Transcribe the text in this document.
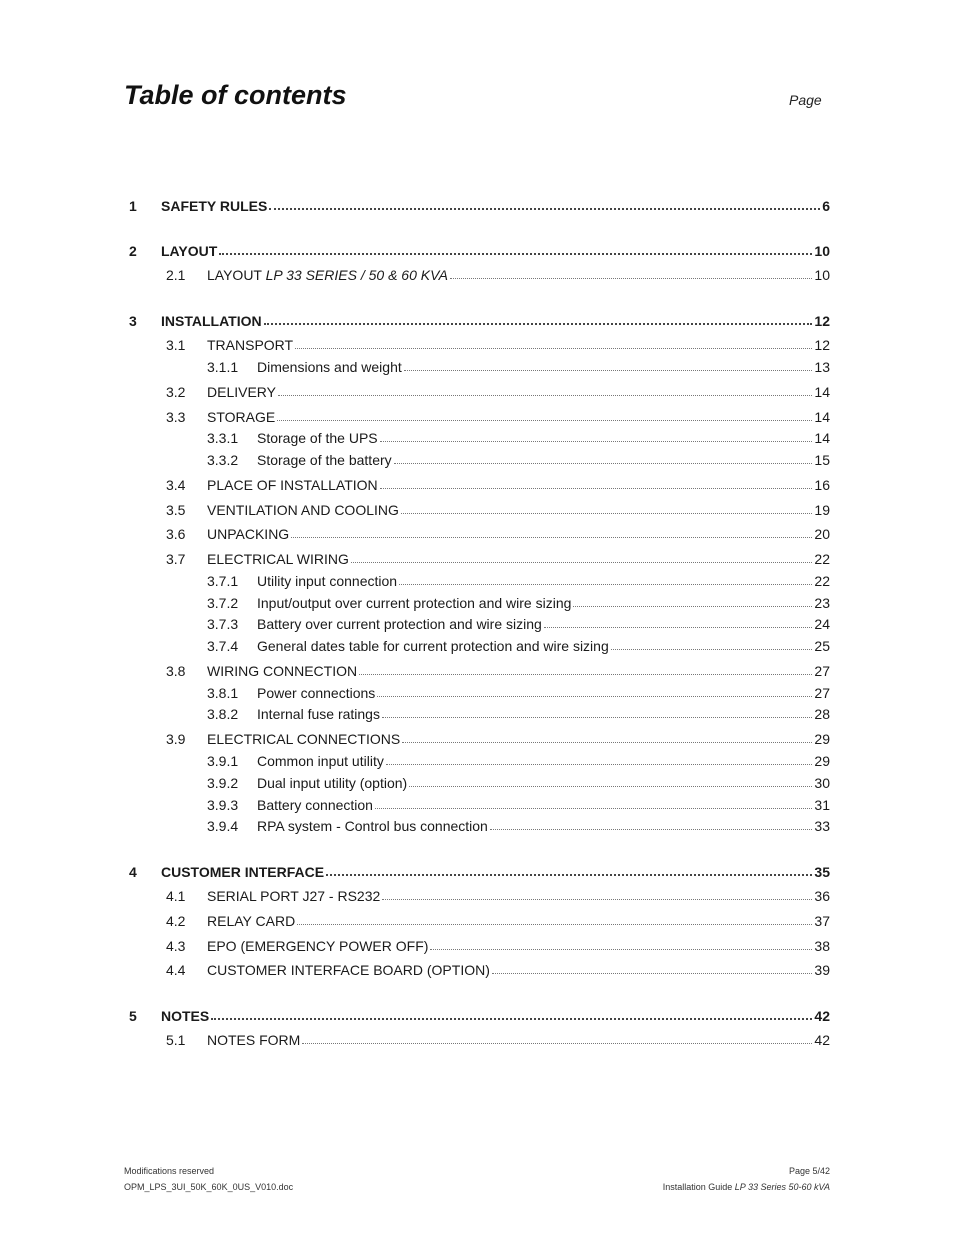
Table of contents	Page
1 SAFETY RULES	6
2 LAYOUT	10
2.1 LAYOUT LP 33 SERIES / 50 & 60 KVA	10
3 INSTALLATION	12
3.1 TRANSPORT	12
3.1.1 Dimensions and weight	13
3.2 DELIVERY	14
3.3 STORAGE	14
3.3.1 Storage of the UPS	14
3.3.2 Storage of the battery	15
3.4 PLACE OF INSTALLATION	16
3.5 VENTILATION AND COOLING	19
3.6 UNPACKING	20
3.7 ELECTRICAL WIRING	22
3.7.1 Utility input connection	22
3.7.2 Input/output over current protection and wire sizing	23
3.7.3 Battery over current protection and wire sizing	24
3.7.4 General dates table for current protection and wire sizing	25
3.8 WIRING CONNECTION	27
3.8.1 Power connections	27
3.8.2 Internal fuse ratings	28
3.9 ELECTRICAL CONNECTIONS	29
3.9.1 Common input utility	29
3.9.2 Dual input utility (option)	30
3.9.3 Battery connection	31
3.9.4 RPA system - Control bus connection	33
4 CUSTOMER INTERFACE	35
4.1 SERIAL PORT J27 - RS232	36
4.2 RELAY CARD	37
4.3 EPO (EMERGENCY POWER OFF)	38
4.4 CUSTOMER INTERFACE BOARD (OPTION)	39
5 NOTES	42
5.1 NOTES FORM	42
Modifications reserved
OPM_LPS_3UI_50K_60K_0US_V010.doc
Page 5/42
Installation Guide LP 33 Series 50-60 kVA
